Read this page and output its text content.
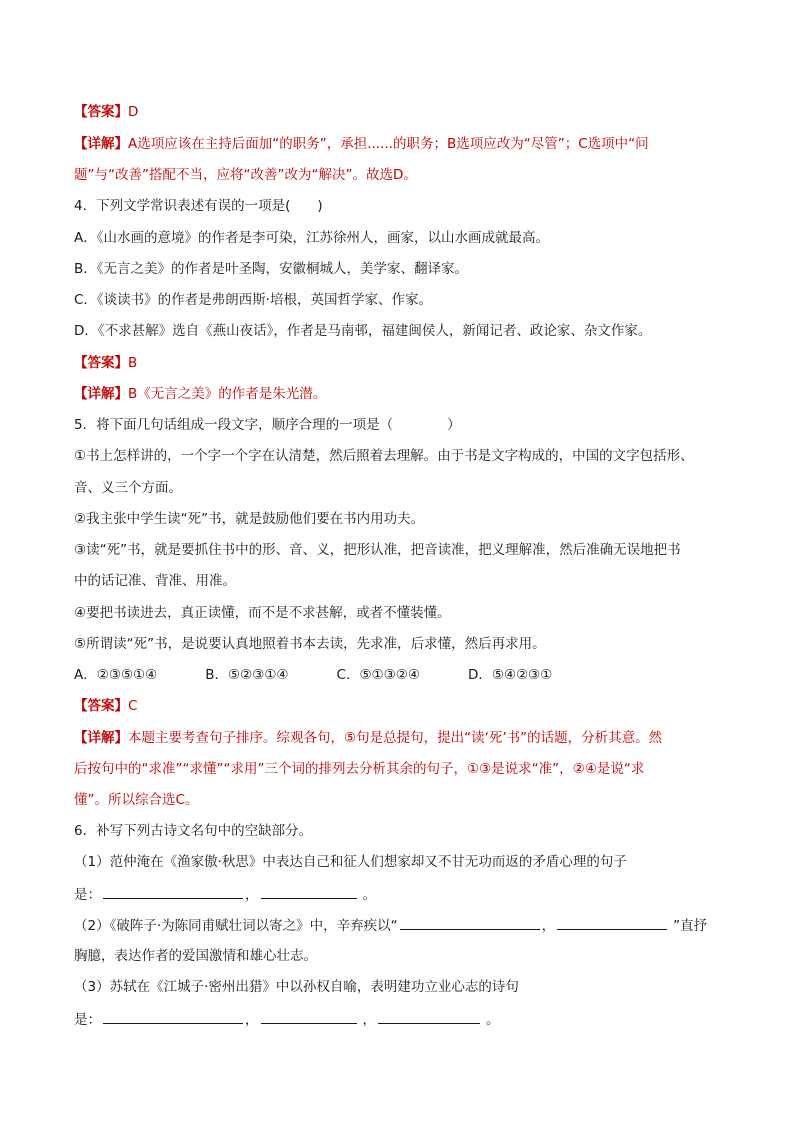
【答案】D
【详解】A选项应该在主持后面加“的职务”，承担......的职务；B选项应改为“尽管”；C选项中“问
题”与“改善”搭配不当，应将“改善”改为“解决”。故选D。
4．下列文学常识表述有误的一项是(　　)
A．《山水画的意境》的作者是李可染，江苏徐州人，画家，以山水画成就最高。
B．《无言之美》的作者是叶圣陶，安徽桐城人，美学家、翻译家。
C．《谈读书》的作者是弗朗西斯·培根，英国哲学家、作家。
D．《不求甚解》选自《燕山夜话》，作者是马南邨，福建闽侯人，新闻记者、政论家、杂文作家。
【答案】B
【详解】B《无言之美》的作者是朱光潜。
5．将下面几句话组成一段文字，顺序合理的一项是（　　　　）
①书上怎样讲的，一个字一个字在认清楚，然后照着去理解。由于书是文字构成的，中国的文字包括形、
音、义三个方面。
②我主张中学生读“死”书，就是鼓励他们要在书内用功夫。
③读“死”书，就是要抓住书中的形、音、义，把形认准，把音读准，把义理解准，然后准确无误地把书
中的话记准、背准、用准。
④要把书读进去，真正读懂，而不是不求甚解，或者不懂装懂。
⑤所谓读“死”书，是说要认真地照着书本去读，先求准，后求懂，然后再求用。
A．②③⑤①④	B．⑤②③①④	C．⑤①③②④	D．⑤④②③①
【答案】C
【详解】本题主要考查句子排序。综观各句，⑤句是总提句，提出“读‘死’书”的话题，分析其意。然
后按句中的“求准”“求懂”“求用”三个词的排列去分析其余的句子，①③是说求“准”，②④是说“求
懂”。所以综合选C。
6．补写下列古诗文名句中的空缺部分。
（1）范仲淹在《渔家傲·秋思》中表达自己和征人们想家却又不甘无功而返的矛盾心理的句子
是：	，	。
（2）《破阵子·为陈同甫赋壮词以寄之》中，辛弃疾以“	，	”直抒
胸臆，表达作者的爱国激情和雄心壮志。
（3）苏轼在《江城子·密州出猎》中以孙权自喻，表明建功立业心志的诗句
是：	，	，	。
